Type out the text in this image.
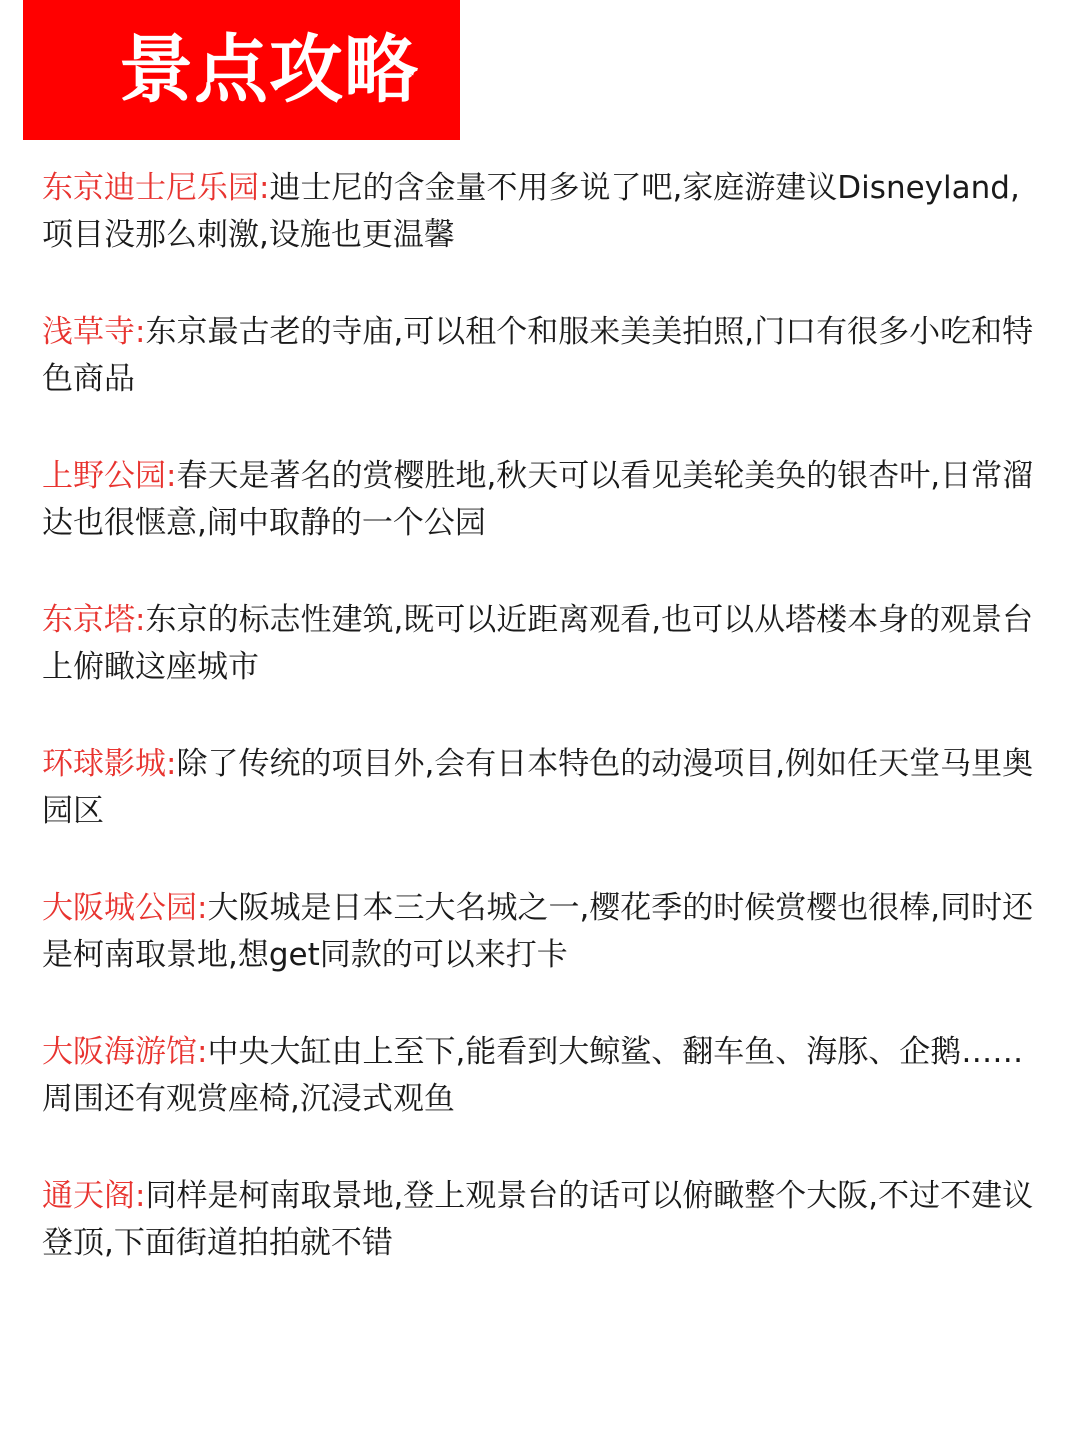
景点攻略

东京迪士尼乐园:迪士尼的含金量不用多说了吧,家庭游建议Disneyland,项目没那么刺激,设施也更温馨

浅草寺:东京最古老的寺庙,可以租个和服来美美拍照,门口有很多小吃和特色商品

上野公园:春天是著名的赏樱胜地,秋天可以看见美轮美奂的银杏叶,日常溜达也很惬意,闹中取静的一个公园

东京塔:东京的标志性建筑,既可以近距离观看,也可以从塔楼本身的观景台上俯瞰这座城市

环球影城:除了传统的项目外,会有日本特色的动漫项目,例如任天堂马里奥园区

大阪城公园:大阪城是日本三大名城之一,樱花季的时候赏樱也很棒,同时还是柯南取景地,想get同款的可以来打卡

大阪海游馆:中央大缸由上至下,能看到大鲸鲨、翻车鱼、海豚、企鹅……周围还有观赏座椅,沉浸式观鱼

通天阁:同样是柯南取景地,登上观景台的话可以俯瞰整个大阪,不过不建议登顶,下面街道拍拍就不错
